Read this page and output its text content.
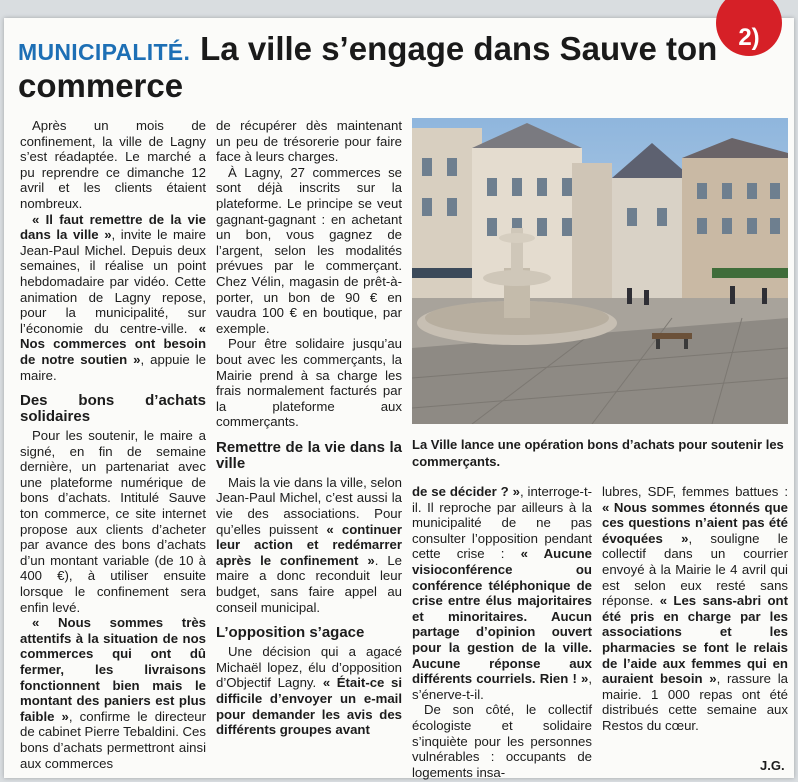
2)
MUNICIPALITÉ. La ville s’engage dans Sauve ton commerce

Après un mois de confinement, la ville de Lagny s’est réadaptée. Le marché a pu reprendre ce dimanche 12 avril et les clients étaient nombreux.

« Il faut remettre de la vie dans la ville », invite le maire Jean-Paul Michel. Depuis deux semaines, il réalise un point hebdomadaire par vidéo. Cette animation de Lagny repose, pour la municipalité, sur l’économie du centre-ville. « Nos commerces ont besoin de notre soutien », appuie le maire.

Des bons d’achats solidaires

Pour les soutenir, le maire a signé, en fin de semaine dernière, un partenariat avec une plateforme numérique de bons d’achats. Intitulé Sauve ton commerce, ce site internet propose aux clients d’acheter par avance des bons d’achats d’un montant variable (de 10 à 400 €), à utiliser ensuite lorsque le confinement sera enfin levé.

« Nous sommes très attentifs à la situation de nos commerces qui ont dû fermer, les livraisons fonctionnent bien mais le montant des paniers est plus faible », confirme le directeur de cabinet Pierre Tebaldini. Ces bons d’achats permettront ainsi aux commerces

de récupérer dès maintenant un peu de trésorerie pour faire face à leurs charges.

À Lagny, 27 commerces se sont déjà inscrits sur la plateforme. Le principe se veut gagnant-gagnant : en achetant un bon, vous gagnez de l’argent, selon les modalités prévues par le commerçant. Chez Vélin, magasin de prêt-à-porter, un bon de 90 € en vaudra 100 € en boutique, par exemple.

Pour être solidaire jusqu’au bout avec les commerçants, la Mairie prend à sa charge les frais normalement facturés par la plateforme aux commerçants.

Remettre de la vie dans la ville

Mais la vie dans la ville, selon Jean-Paul Michel, c’est aussi la vie des associations. Pour qu’elles puissent « continuer leur action et redémarrer après le confinement ». Le maire a donc reconduit leur budget, sans faire appel au conseil municipal.

L’opposition s’agace

Une décision qui a agacé Michaël lopez, élu d’opposition d’Objectif Lagny. « Était-ce si difficile d’envoyer un e-mail pour demander les avis des différents groupes avant

La Ville lance une opération bons d’achats pour soutenir les commerçants.

de se décider ? », interroge-t-il. Il reproche par ailleurs à la municipalité de ne pas consulter l’opposition pendant cette crise : « Aucune visioconférence ou conférence téléphonique de crise entre élus majoritaires et minoritaires. Aucun partage d’opinion ouvert pour la gestion de la ville. Aucune réponse aux différents courriels. Rien ! », s’énerve-t-il.

De son côté, le collectif écologiste et solidaire s’inquiète pour les personnes vulnérables : occupants de logements insa-

lubres, SDF, femmes battues : « Nous sommes étonnés que ces questions n’aient pas été évoquées », souligne le collectif dans un courrier envoyé à la Mairie le 4 avril qui est selon eux resté sans réponse. « Les sans-abri ont été pris en charge par les associations et les pharmacies se font le relais de l’aide aux femmes qui en auraient besoin », rassure la mairie. 1 000 repas ont été distribués cette semaine aux Restos du cœur.

J.G.
